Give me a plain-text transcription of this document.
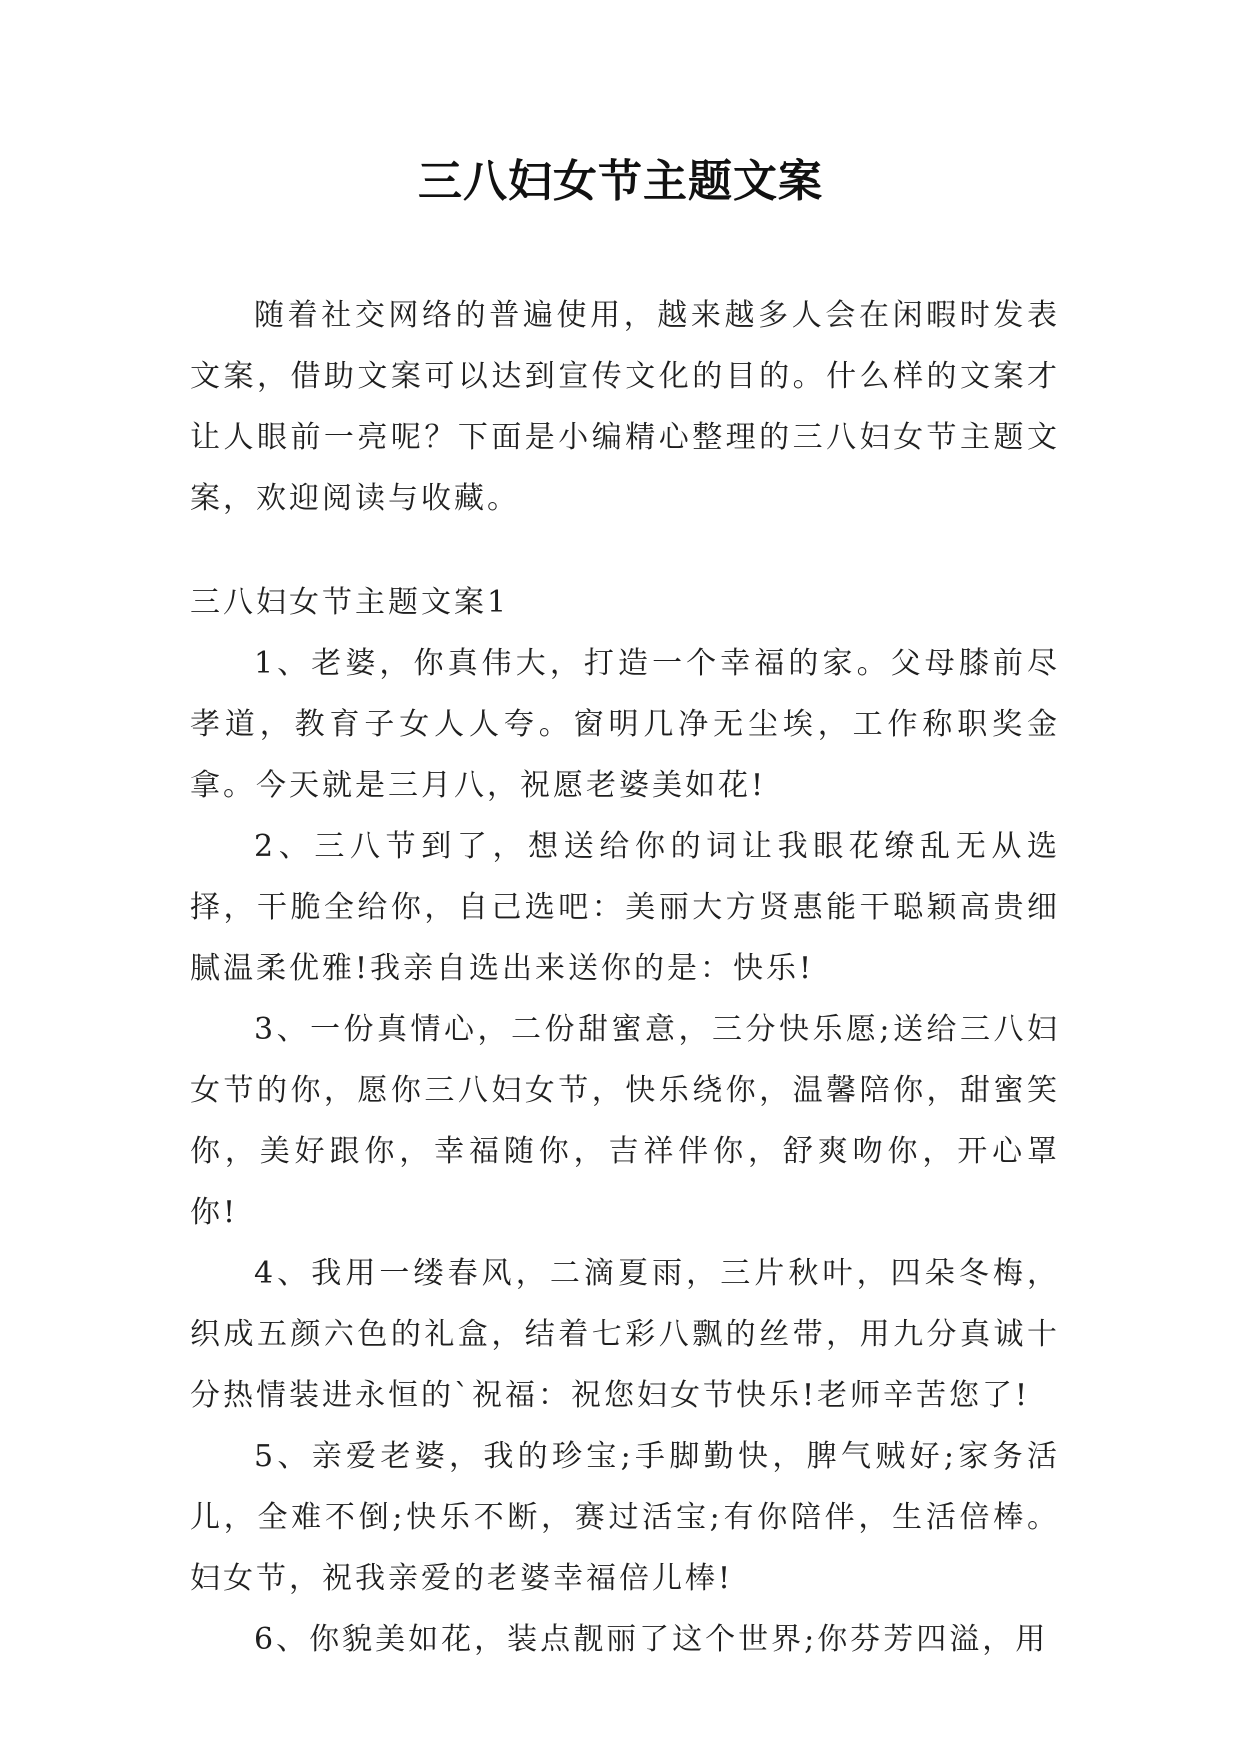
三八妇女节主题文案

随着社交网络的普遍使用，越来越多人会在闲暇时发表文案，借助文案可以达到宣传文化的目的。什么样的文案才让人眼前一亮呢？下面是小编精心整理的三八妇女节主题文案，欢迎阅读与收藏。

三八妇女节主题文案1

1、老婆，你真伟大，打造一个幸福的家。父母膝前尽孝道，教育子女人人夸。窗明几净无尘埃，工作称职奖金拿。今天就是三月八，祝愿老婆美如花!

2、三八节到了，想送给你的词让我眼花缭乱无从选择，干脆全给你，自己选吧：美丽大方贤惠能干聪颖高贵细腻温柔优雅!我亲自选出来送你的是：快乐!

3、一份真情心，二份甜蜜意，三分快乐愿;送给三八妇女节的你，愿你三八妇女节，快乐绕你，温馨陪你，甜蜜笑你，美好跟你，幸福随你，吉祥伴你，舒爽吻你，开心罩你!

4、我用一缕春风，二滴夏雨，三片秋叶，四朵冬梅，织成五颜六色的礼盒，结着七彩八飘的丝带，用九分真诚十分热情装进永恒的`祝福：祝您妇女节快乐!老师辛苦您了!

5、亲爱老婆，我的珍宝;手脚勤快，脾气贼好;家务活儿，全难不倒;快乐不断，赛过活宝;有你陪伴，生活倍棒。妇女节，祝我亲爱的老婆幸福倍儿棒!

6、你貌美如花，装点靓丽了这个世界;你芬芳四溢，用
